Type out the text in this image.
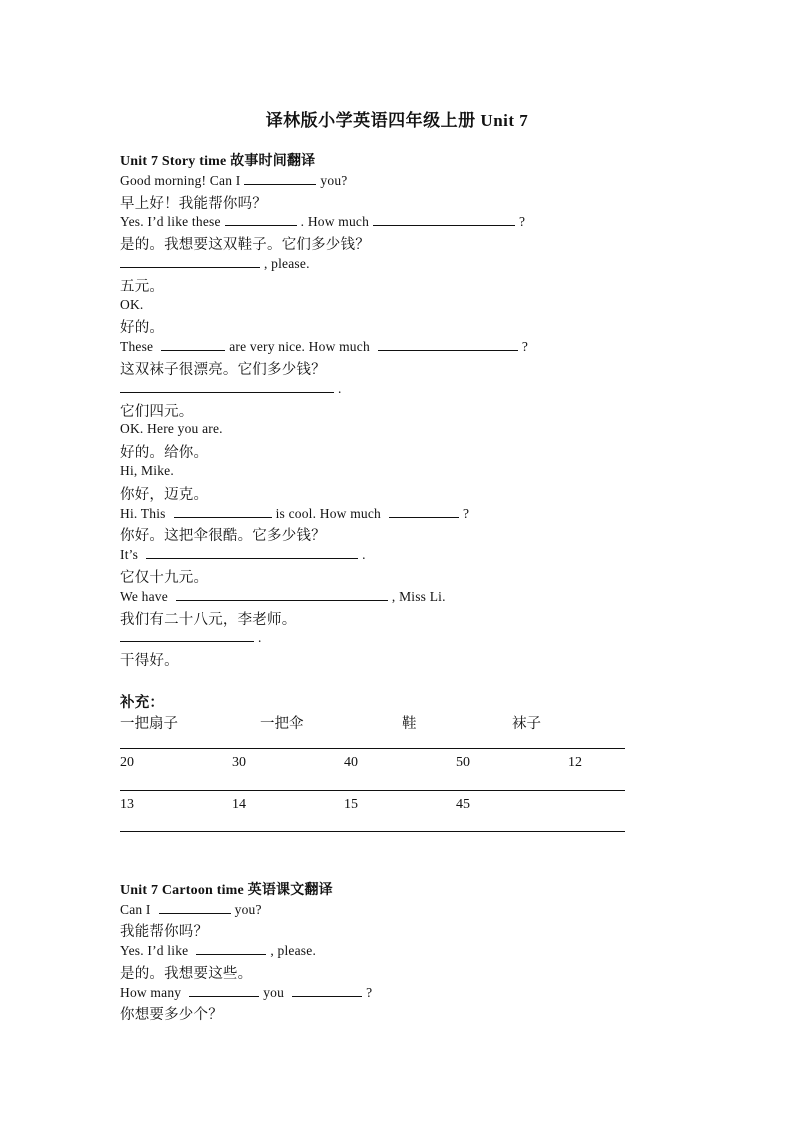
译林版小学英语四年级上册 Unit 7
Unit 7 Story time 故事时间翻译
Good morning! Can I	you?
早上好！我能帮你吗？
Yes. I’d like these	. How much	?
是的。我想要这双鞋子。它们多少钱？
, please.
五元。
OK.
好的。
These	are very nice. How much	?
这双袜子很漂亮。它们多少钱？
.
它们四元。
OK. Here you are.
好的。给你。
Hi, Mike.
你好，迈克。
Hi. This	is cool. How much	?
你好。这把伞很酷。它多少钱？
It’s	.
它仅十九元。
We have	, Miss Li.
我们有二十八元，李老师。
.
干得好。
补充：
一把扇子	一把伞	鞋	袜子
20	30	40	50	12
13	14	15	45
Unit 7 Cartoon time 英语课文翻译
Can I	you?
我能帮你吗？
Yes. I’d like	, please.
是的。我想要这些。
How many	you	?
你想要多少个？
